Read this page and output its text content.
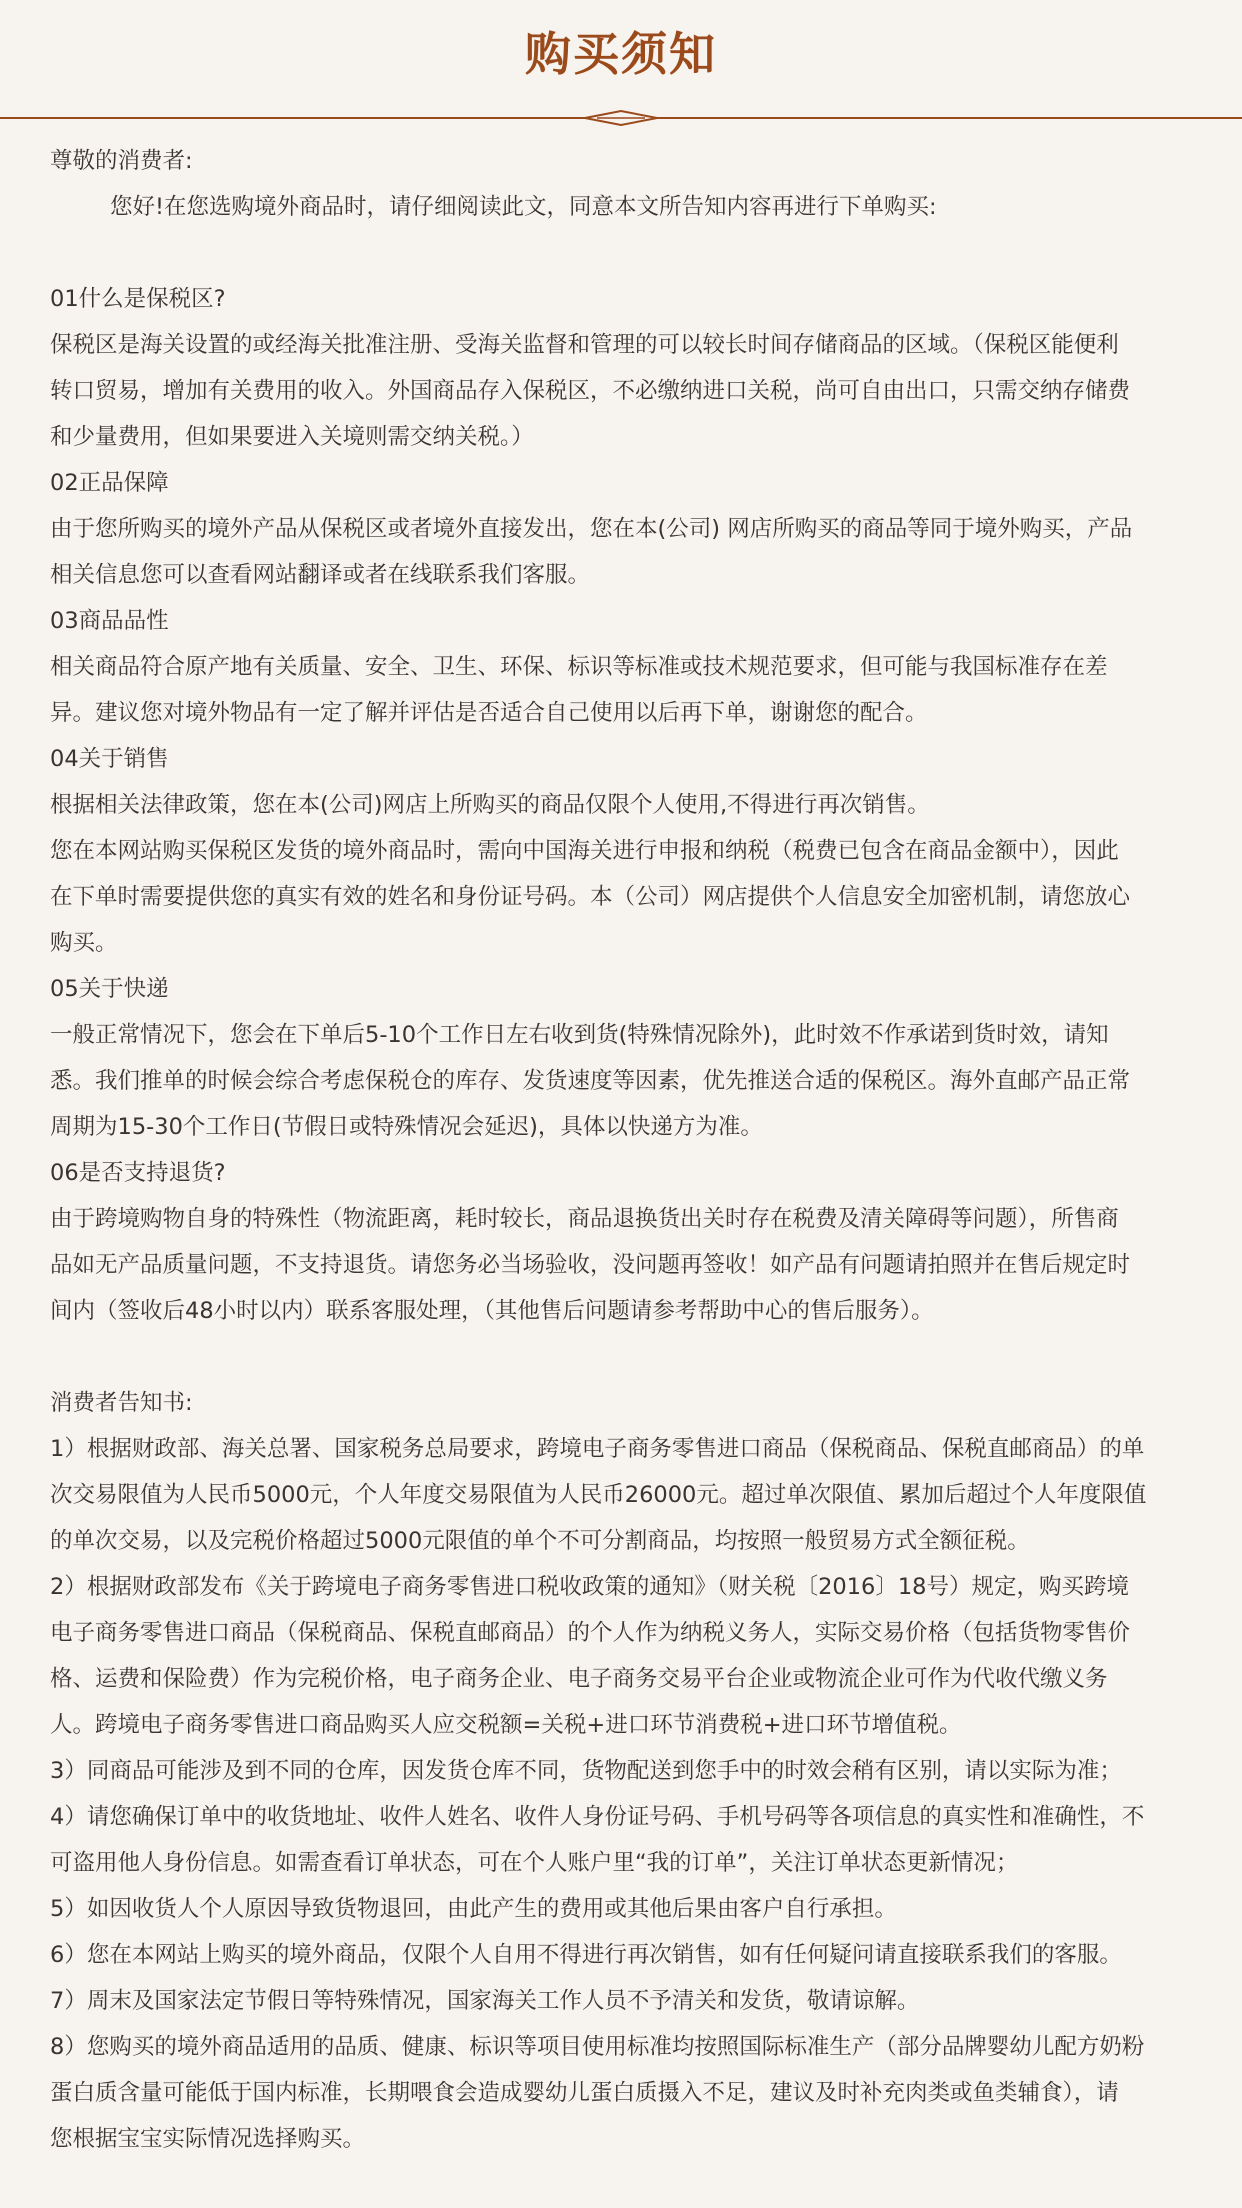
购买须知
尊敬的消费者:
您好!在您选购境外商品时，请仔细阅读此文，同意本文所告知内容再进行下单购买:
01什么是保税区?
保税区是海关设置的或经海关批准注册、受海关监督和管理的可以较长时间存储商品的区域。（保税区能便利
转口贸易，增加有关费用的收入。外国商品存入保税区，不必缴纳进口关税，尚可自由出口，只需交纳存储费
和少量费用，但如果要进入关境则需交纳关税。）
02正品保障
由于您所购买的境外产品从保税区或者境外直接发出，您在本(公司) 网店所购买的商品等同于境外购买，产品
相关信息您可以查看网站翻译或者在线联系我们客服。
03商品品性
相关商品符合原产地有关质量、安全、卫生、环保、标识等标准或技术规范要求，但可能与我国标准存在差
异。建议您对境外物品有一定了解并评估是否适合自己使用以后再下单，谢谢您的配合。
04关于销售
根据相关法律政策，您在本(公司)网店上所购买的商品仅限个人使用,不得进行再次销售。
您在本网站购买保税区发货的境外商品时，需向中国海关进行申报和纳税（税费已包含在商品金额中），因此
在下单时需要提供您的真实有效的姓名和身份证号码。本（公司）网店提供个人信息安全加密机制，请您放心
购买。
05关于快递
一般正常情况下，您会在下单后5-10个工作日左右收到货(特殊情况除外)，此时效不作承诺到货时效，请知
悉。我们推单的时候会综合考虑保税仓的库存、发货速度等因素，优先推送合适的保税区。海外直邮产品正常
周期为15-30个工作日(节假日或特殊情况会延迟)，具体以快递方为准。
06是否支持退货?
由于跨境购物自身的特殊性（物流距离，耗时较长，商品退换货出关时存在税费及清关障碍等问题），所售商
品如无产品质量问题，不支持退货。请您务必当场验收，没问题再签收！如产品有问题请拍照并在售后规定时
间内（签收后48小时以内）联系客服处理，（其他售后问题请参考帮助中心的售后服务）。
消费者告知书:
1）根据财政部、海关总署、国家税务总局要求，跨境电子商务零售进口商品（保税商品、保税直邮商品）的单
次交易限值为人民币5000元，个人年度交易限值为人民币26000元。超过单次限值、累加后超过个人年度限值
的单次交易，以及完税价格超过5000元限值的单个不可分割商品，均按照一般贸易方式全额征税。
2）根据财政部发布《关于跨境电子商务零售进口税收政策的通知》（财关税〔2016〕18号）规定，购买跨境
电子商务零售进口商品（保税商品、保税直邮商品）的个人作为纳税义务人，实际交易价格（包括货物零售价
格、运费和保险费）作为完税价格，电子商务企业、电子商务交易平台企业或物流企业可作为代收代缴义务
人。跨境电子商务零售进口商品购买人应交税额=关税+进口环节消费税+进口环节增值税。
3）同商品可能涉及到不同的仓库，因发货仓库不同，货物配送到您手中的时效会稍有区别，请以实际为准；
4）请您确保订单中的收货地址、收件人姓名、收件人身份证号码、手机号码等各项信息的真实性和准确性，不
可盗用他人身份信息。如需查看订单状态，可在个人账户里“我的订单”，关注订单状态更新情况；
5）如因收货人个人原因导致货物退回，由此产生的费用或其他后果由客户自行承担。
6）您在本网站上购买的境外商品，仅限个人自用不得进行再次销售，如有任何疑问请直接联系我们的客服。
7）周末及国家法定节假日等特殊情况，国家海关工作人员不予清关和发货，敬请谅解。
8）您购买的境外商品适用的品质、健康、标识等项目使用标准均按照国际标准生产（部分品牌婴幼儿配方奶粉
蛋白质含量可能低于国内标准，长期喂食会造成婴幼儿蛋白质摄入不足，建议及时补充肉类或鱼类辅食），请
您根据宝宝实际情况选择购买。
